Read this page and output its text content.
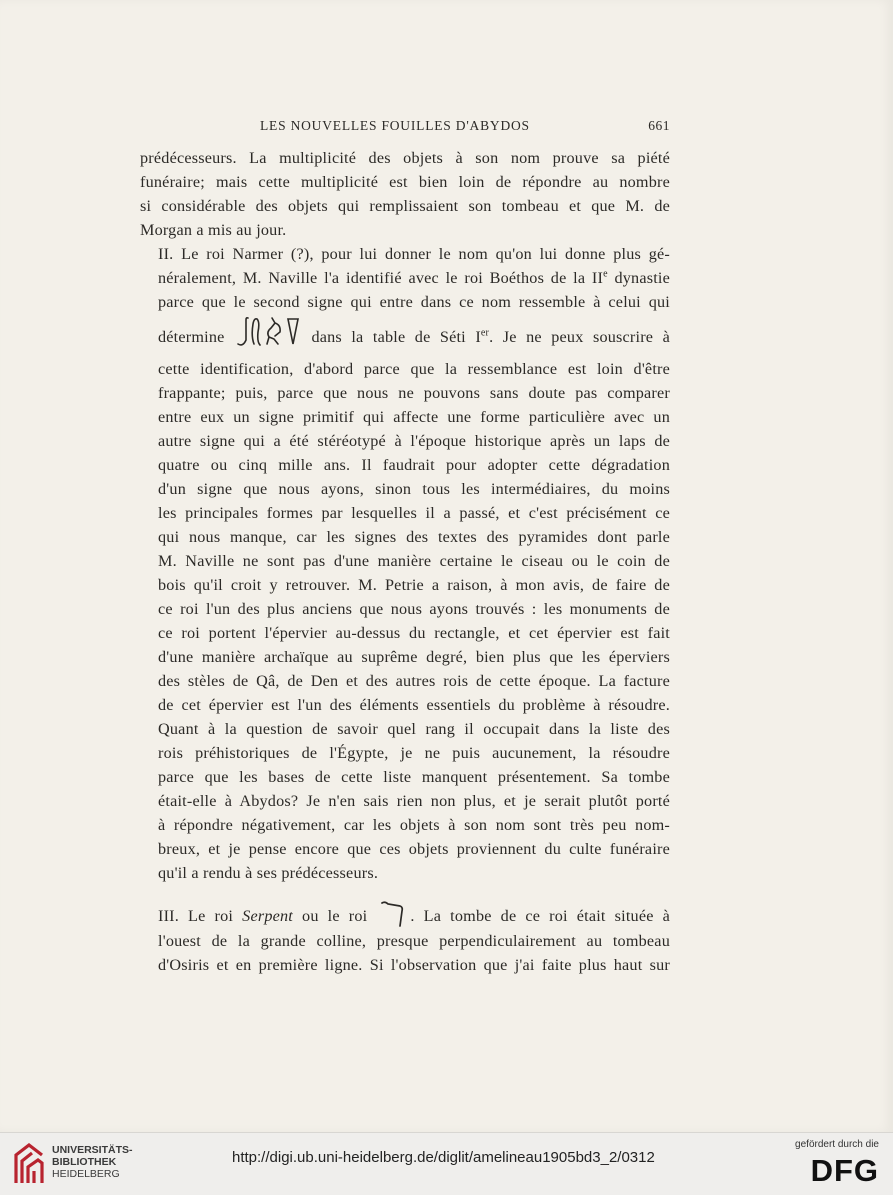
LES NOUVELLES FOUILLES D'ABYDOS	661

prédécesseurs. La multiplicité des objets à son nom prouve sa piété
funéraire; mais cette multiplicité est bien loin de répondre au nombre
si considérable des objets qui remplissaient son tombeau et que M. de
Morgan a mis au jour.

II. Le roi Narmer (?), pour lui donner le nom qu'on lui donne plus gé-
néralement, M. Naville l'a identifié avec le roi Boéthos de la IIe dynastie
parce que le second signe qui entre dans ce nom ressemble à celui qui
détermine	dans la table de Séti Ier. Je ne peux souscrire à
cette identification, d'abord parce que la ressemblance est loin d'être
frappante; puis, parce que nous ne pouvons sans doute pas comparer
entre eux un signe primitif qui affecte une forme particulière avec un
autre signe qui a été stéréotypé à l'époque historique après un laps de
quatre ou cinq mille ans. Il faudrait pour adopter cette dégradation
d'un signe que nous ayons, sinon tous les intermédiaires, du moins
les principales formes par lesquelles il a passé, et c'est précisément ce
qui nous manque, car les signes des textes des pyramides dont parle
M. Naville ne sont pas d'une manière certaine le ciseau ou le coin de
bois qu'il croit y retrouver. M. Petrie a raison, à mon avis, de faire de
ce roi l'un des plus anciens que nous ayons trouvés : les monuments de
ce roi portent l'épervier au-dessus du rectangle, et cet épervier est fait
d'une manière archaïque au suprême degré, bien plus que les éperviers
des stèles de Qâ, de Den et des autres rois de cette époque. La facture
de cet épervier est l'un des éléments essentiels du problème à résoudre.
Quant à la question de savoir quel rang il occupait dans la liste des
rois préhistoriques de l'Égypte, je ne puis aucunement, la résoudre
parce que les bases de cette liste manquent présentement. Sa tombe
était-elle à Abydos? Je n'en sais rien non plus, et je serait plutôt porté
à répondre négativement, car les objets à son nom sont très peu nom-
breux, et je pense encore que ces objets proviennent du culte funéraire
qu'il a rendu à ses prédécesseurs.

III. Le roi Serpent ou le roi	. La tombe de ce roi était située à
l'ouest de la grande colline, presque perpendiculairement au tombeau
d'Osiris et en première ligne. Si l'observation que j'ai faite plus haut sur

UNIVERSITÄTS-
BIBLIOTHEK
HEIDELBERG
http://digi.ub.uni-heidelberg.de/diglit/amelineau1905bd3_2/0312
gefördert durch die
DFG
